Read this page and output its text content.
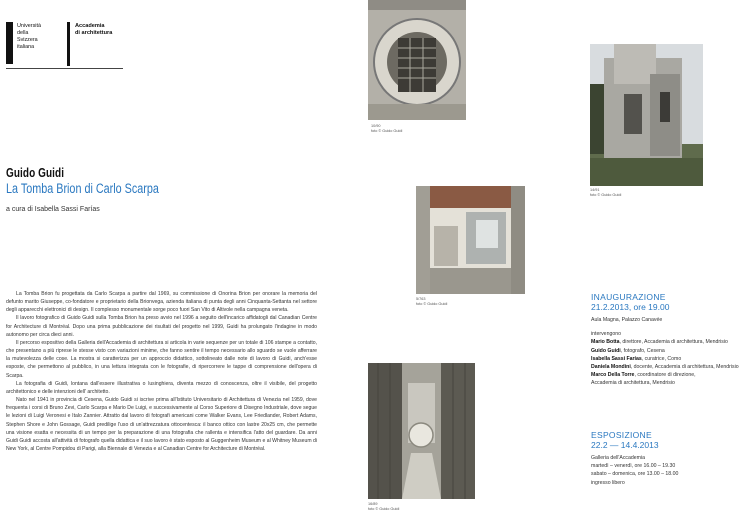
Università
della
Svizzera
italiana
Accademia
di architettura
Guido Guidi
La Tomba Brion di Carlo Scarpa
a cura di Isabella Sassi Farías

La Tomba Brion fu progettata da Carlo Scarpa a partire dal 1969, su commissione di Onorina Brion per onorare la memoria del defunto marito Giuseppe, co-fondatore e proprietario della Brionvega, azienda italiana di punta degli anni Cinquanta-Settanta nel settore degli apparecchi elettronici di design. Il complesso monumentale sorge poco fuori San Vito di Altivole nella campagna veneta.

Il lavoro fotografico di Guido Guidi sulla Tomba Brion ha preso avvio nel 1996 a seguito dell'incarico affidatogli dal Canadian Centre for Architecture di Montréal. Dopo una prima pubblicazione dei risultati del progetto nel 1999, Guidi ha prolungato l'indagine in modo autonomo per circa dieci anni.

Il percorso espositivo della Galleria dell'Accademia di architettura si articola in varie sequenze per un totale di 106 stampe a contatto, che presentano a più riprese le stesse visto con variazioni minime, che fanno sentire il tempo necessario allo sguardo se vuole afferrare la mutevolezza delle cose. La mostra si caratterizza per un approccio didattico, sottolineato dalle note di lavoro di Guidi, anch'esse esposte, che permettono al pubblico, in una lettura integrata con le fotografie, di ripercorrere le tappe di comprensione dell'opera di Scarpa.

La fotografia di Guidi, lontana dall'essere illustrativa o lusinghiera, diventa mezzo di conoscenza, oltre il visibile, del progetto architettonico e delle intenzioni dell' architetto.

Nato nel 1941 in provincia di Cesena, Guido Guidi si iscrive prima all'Istituto Universitario di Architettura di Venezia nel 1959, dove frequenta i corsi di Bruno Zevi, Carlo Scarpa e Mario De Luigi, e successivamente al Corso Superiore di Disegno Industriale, dove segue le lezioni di Luigi Veronesi e Italo Zannier. Attratto dal lavoro di fotografi americani come Walker Evans, Lee Friedlander, Robert Adams, Stephen Shore e John Gossage, Guidi predilige l'uso di un'attrezzatura ottocentesca: il banco ottico con lastre 20x25 cm, che permette una visione esatta e necessita di un tempo per la preparazione di una fotografia che rallenta e intensifica l'atto del guardare. Da anni Guidi Guidi accosta all'attività di fotografo quella didattica e il suo lavoro è stato esposto al Guggenheim Museum e al Whitney Museum di New York, al Centre Pompidou di Parigi, alla Biennale di Venezia e al Canadian Centre for Architecture di Montréal.

10/90
foto © Guido Guidi
14/91
foto © Guido Guidi
5/763
foto © Guido Guidi
16/89
foto © Guido Guidi
INAUGURAZIONE
21.2.2013, ore 19.00
Aula Magna, Palazzo Canavée
intervengono
Mario Botta, direttore, Accademia di architettura, Mendrisio
Guido Guidi, fotografo, Cesena
Isabella Sassi Farías, curatrice, Como
Daniela Mondini, docente, Accademia di architettura, Mendrisio
Marco Della Torre, coordinatore di direzione,
Accademia di architettura, Mendrisio
ESPOSIZIONE
22.2 — 14.4.2013
Galleria dell'Accademia
martedì – venerdì, ore 16.00 – 19.30
sabato – domenica, ore 13.00 – 18.00
ingresso libero
